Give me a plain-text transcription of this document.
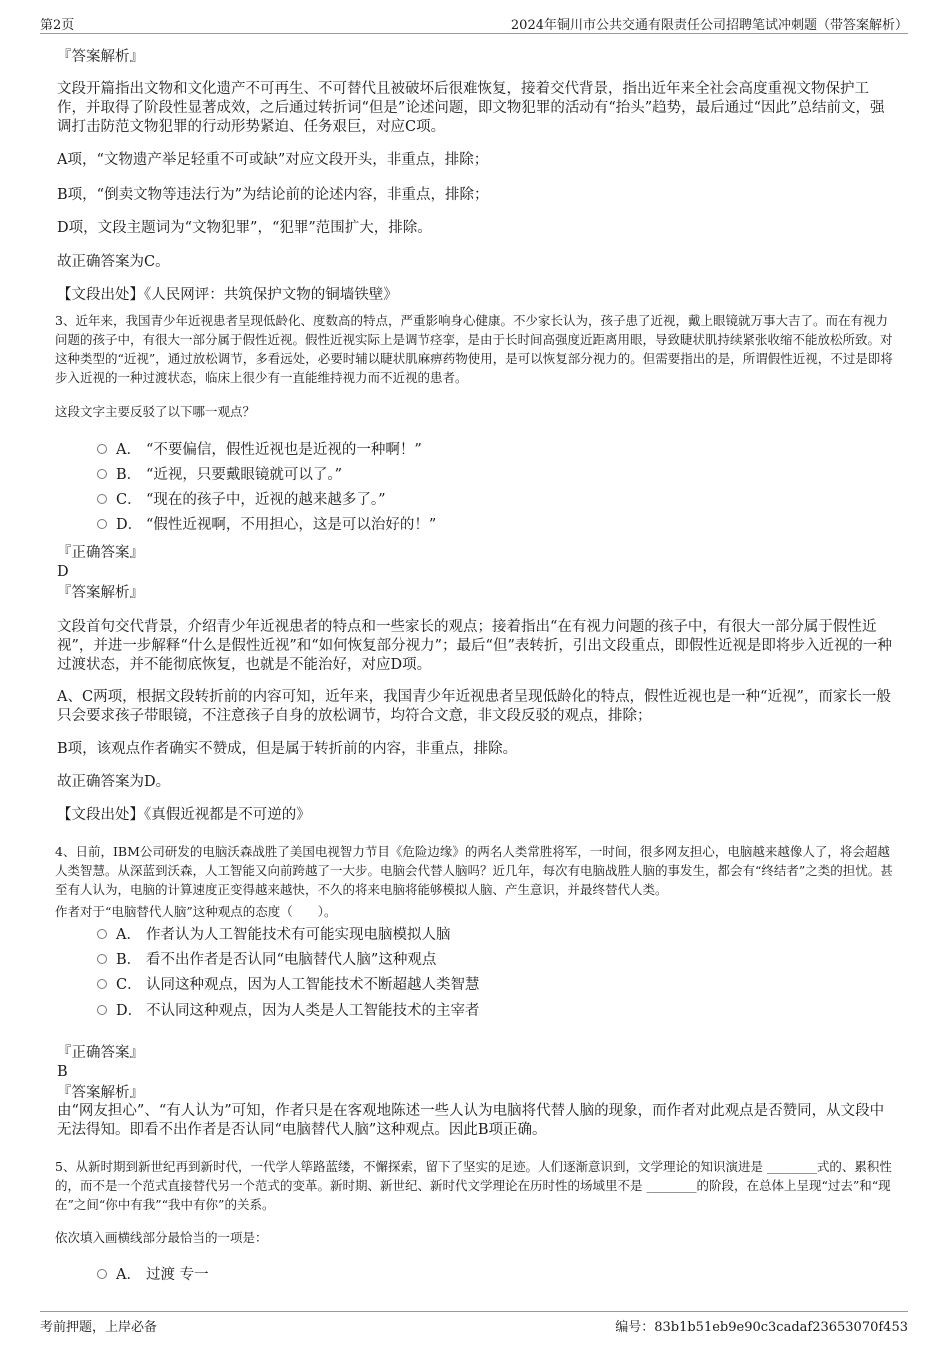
第2页	2024年铜川市公共交通有限责任公司招聘笔试冲刺题（带答案解析）
『答案解析』
文段开篇指出文物和文化遗产不可再生、不可替代且被破坏后很难恢复，接着交代背景，指出近年来全社会高度重视文物保护工作，并取得了阶段性显著成效，之后通过转折词“但是”论述问题，即文物犯罪的活动有“抬头”趋势，最后通过“因此”总结前文，强调打击防范文物犯罪的行动形势紧迫、任务艰巨，对应C项。
A项，“文物遗产举足轻重不可或缺”对应文段开头，非重点，排除；
B项，“倒卖文物等违法行为”为结论前的论述内容，非重点，排除；
D项，文段主题词为“文物犯罪”，“犯罪”范围扩大，排除。
故正确答案为C。
【文段出处】《人民网评：共筑保护文物的铜墙铁壁》
3、近年来，我国青少年近视患者呈现低龄化、度数高的特点，严重影响身心健康。不少家长认为，孩子患了近视，戴上眼镜就万事大吉了。而在有视力问题的孩子中，有很大一部分属于假性近视。假性近视实际上是调节痉挛，是由于长时间高强度近距离用眼，导致睫状肌持续紧张收缩不能放松所致。对这种类型的“近视”，通过放松调节，多看远处，必要时辅以睫状肌麻痹药物使用，是可以恢复部分视力的。但需要指出的是，所谓假性近视，不过是即将步入近视的一种过渡状态，临床上很少有一直能维持视力而不近视的患者。
这段文字主要反驳了以下哪一观点？
A． “不要偏信，假性近视也是近视的一种啊！”
B． “近视，只要戴眼镜就可以了。”
C． “现在的孩子中，近视的越来越多了。”
D． “假性近视啊，不用担心，这是可以治好的！”
『正确答案』
D
『答案解析』
文段首句交代背景，介绍青少年近视患者的特点和一些家长的观点；接着指出“在有视力问题的孩子中，有很大一部分属于假性近视”，并进一步解释“什么是假性近视”和“如何恢复部分视力”；最后“但”表转折，引出文段重点，即假性近视是即将步入近视的一种过渡状态，并不能彻底恢复，也就是不能治好，对应D项。
A、C两项，根据文段转折前的内容可知，近年来，我国青少年近视患者呈现低龄化的特点，假性近视也是一种“近视”，而家长一般只会要求孩子带眼镜，不注意孩子自身的放松调节，均符合文意，非文段反驳的观点，排除；
B项，该观点作者确实不赞成，但是属于转折前的内容，非重点，排除。
故正确答案为D。
【文段出处】《真假近视都是不可逆的》
4、日前，IBM公司研发的电脑沃森战胜了美国电视智力节目《危险边缘》的两名人类常胜将军，一时间，很多网友担心，电脑越来越像人了，将会超越人类智慧。从深蓝到沃森，人工智能又向前跨越了一大步。电脑会代替人脑吗？近几年，每次有电脑战胜人脑的事发生，都会有“终结者”之类的担忧。甚至有人认为，电脑的计算速度正变得越来越快，不久的将来电脑将能够模拟人脑、产生意识，并最终替代人类。
作者对于“电脑替代人脑”这种观点的态度（　　）。
A． 作者认为人工智能技术有可能实现电脑模拟人脑
B． 看不出作者是否认同“电脑替代人脑”这种观点
C． 认同这种观点，因为人工智能技术不断超越人类智慧
D． 不认同这种观点，因为人类是人工智能技术的主宰者
『正确答案』
B
『答案解析』
由“网友担心”、“有人认为”可知，作者只是在客观地陈述一些人认为电脑将代替人脑的现象，而作者对此观点是否赞同，从文段中无法得知。即看不出作者是否认同“电脑替代人脑”这种观点。因此B项正确。
5、从新时期到新世纪再到新时代，一代学人筚路蓝缕，不懈探索，留下了坚实的足迹。人们逐渐意识到，文学理论的知识演进是 ________式的、累积性的，而不是一个范式直接替代另一个范式的变革。新时期、新世纪、新时代文学理论在历时性的场域里不是 ________的阶段，在总体上呈现“过去”和“现在”之间“你中有我”“我中有你”的关系。
依次填入画横线部分最恰当的一项是：
A． 过渡 专一
考前押题，上岸必备	编号：83b1b51eb9e90c3cadaf23653070f453
